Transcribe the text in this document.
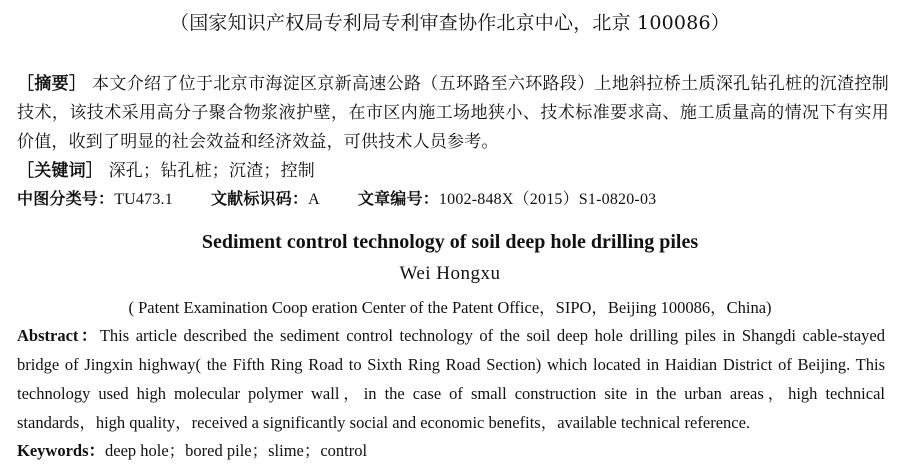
（国家知识产权局专利局专利审查协作北京中心，北京 100086）
［摘要］ 本文介绍了位于北京市海淀区京新高速公路（五环路至六环路段）上地斜拉桥土质深孔钻孔桩的沉渣控制技术，该技术采用高分子聚合物浆液护壁，在市区内施工场地狭小、技术标准要求高、施工质量高的情况下有实用价值，收到了明显的社会效益和经济效益，可供技术人员参考。
［关键词］ 深孔；钻孔桩；沉渣；控制
中图分类号：TU473.1 文献标识码：A 文章编号：1002-848X（2015）S1-0820-03
Sediment control technology of soil deep hole drilling piles
Wei Hongxu
( Patent Examination Coop eration Center of the Patent Office，SIPO，Beijing 100086，China)
Abstract：This article described the sediment control technology of the soil deep hole drilling piles in Shangdi cable-stayed bridge of Jingxin highway( the Fifth Ring Road to Sixth Ring Road Section) which located in Haidian District of Beijing. This technology used high molecular polymer wall，in the case of small construction site in the urban areas，high technical standards，high quality，received a significantly social and economic benefits，available technical reference.
Keywords：deep hole；bored pile；slime；control
